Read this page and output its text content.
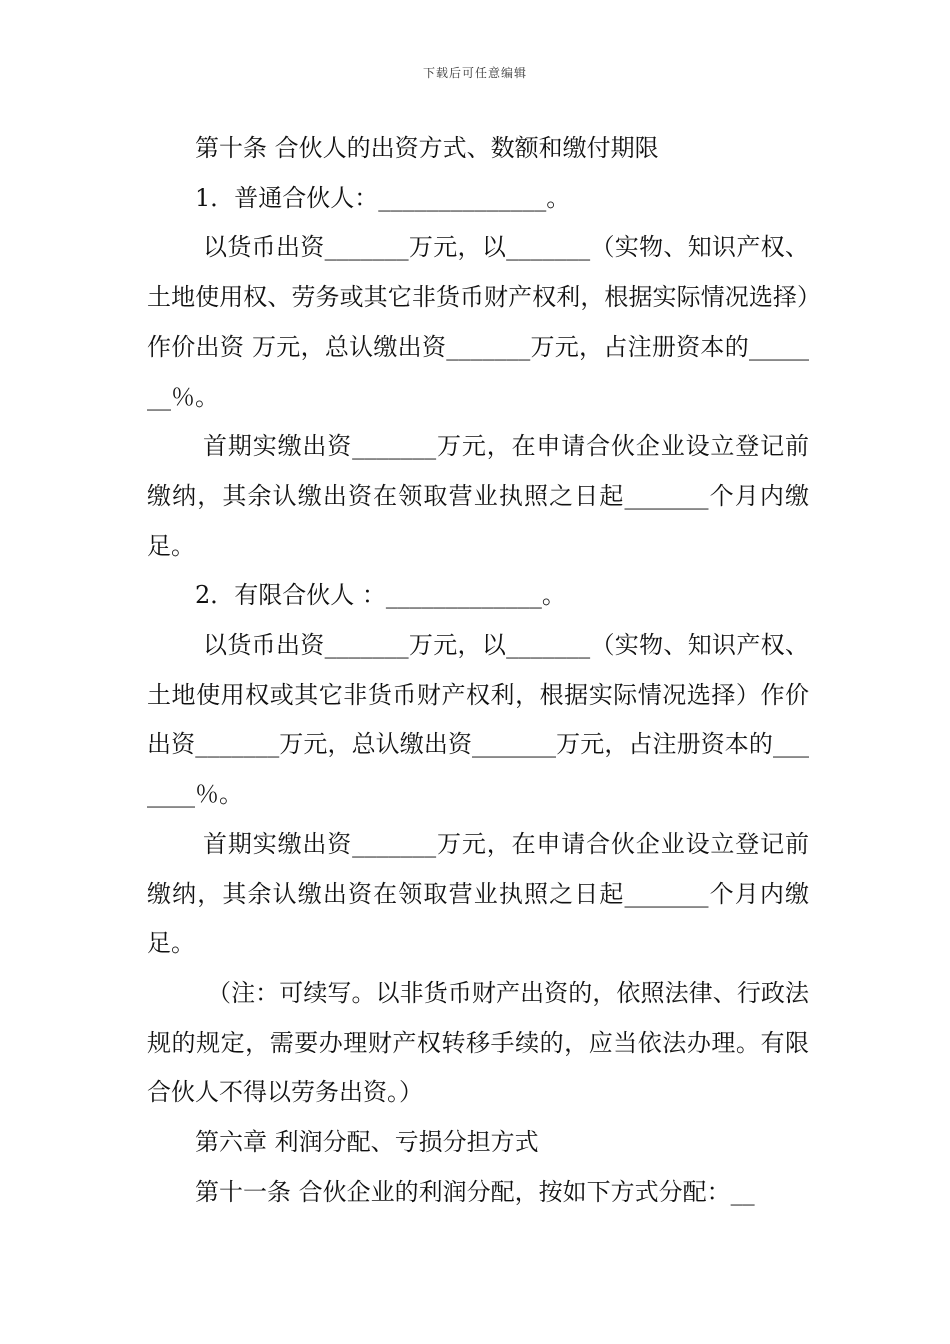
下载后可任意编辑

第十条 合伙人的出资方式、数额和缴付期限

1．普通合伙人：______________。

以货币出资_______万元，以_______（实物、知识产权、土地使用权、劳务或其它非货币财产权利，根据实际情况选择）作价出资 万元，总认缴出资_______万元，占注册资本的_______％。

首期实缴出资_______万元，在申请合伙企业设立登记前缴纳，其余认缴出资在领取营业执照之日起_______个月内缴足。

2．有限合伙人 ：_____________。

以货币出资_______万元，以_______（实物、知识产权、土地使用权或其它非货币财产权利，根据实际情况选择）作价出资_______万元，总认缴出资_______万元，占注册资本的_______％。

首期实缴出资_______万元，在申请合伙企业设立登记前缴纳，其余认缴出资在领取营业执照之日起_______个月内缴足。

（注：可续写。以非货币财产出资的，依照法律、行政法规的规定，需要办理财产权转移手续的，应当依法办理。有限合伙人不得以劳务出资。）

第六章 利润分配、亏损分担方式

第十一条 合伙企业的利润分配，按如下方式分配：__
